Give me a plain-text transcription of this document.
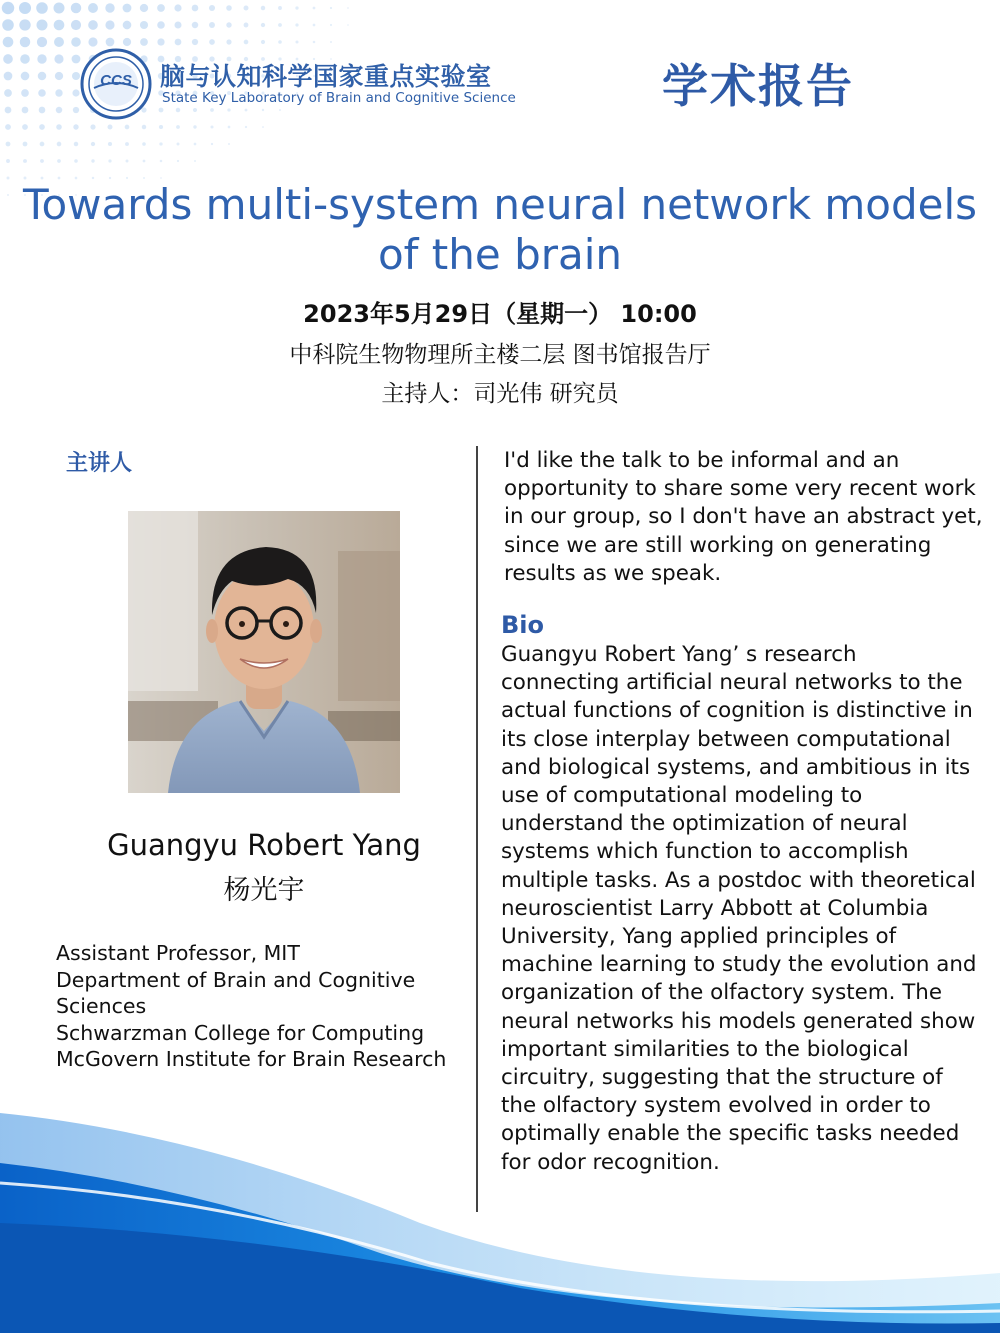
CCS 脑与认知科学国家重点实验室
State Key Laboratory of Brain and Cognitive Science	学术报告
Towards multi-system neural network models
of the brain
2023年5月29日（星期一） 10:00
中科院生物物理所主楼二层 图书馆报告厅
主持人：司光伟 研究员
主讲人
Guangyu Robert Yang
杨光宇
Assistant Professor, MIT
Department of Brain and Cognitive
Sciences
Schwarzman College for Computing
McGovern Institute for Brain Research
I'd like the talk to be informal and an opportunity to share some very recent work in our group, so I don't have an abstract yet, since we are still working on generating results as we speak.
Bio
Guangyu Robert Yang’ s research connecting artificial neural networks to the actual functions of cognition is distinctive in its close interplay between computational and biological systems, and ambitious in its use of computational modeling to understand the optimization of neural systems which function to accomplish multiple tasks. As a postdoc with theoretical neuroscientist Larry Abbott at Columbia University, Yang applied principles of machine learning to study the evolution and organization of the olfactory system. The neural networks his models generated show important similarities to the biological circuitry, suggesting that the structure of the olfactory system evolved in order to optimally enable the specific tasks needed for odor recognition.
